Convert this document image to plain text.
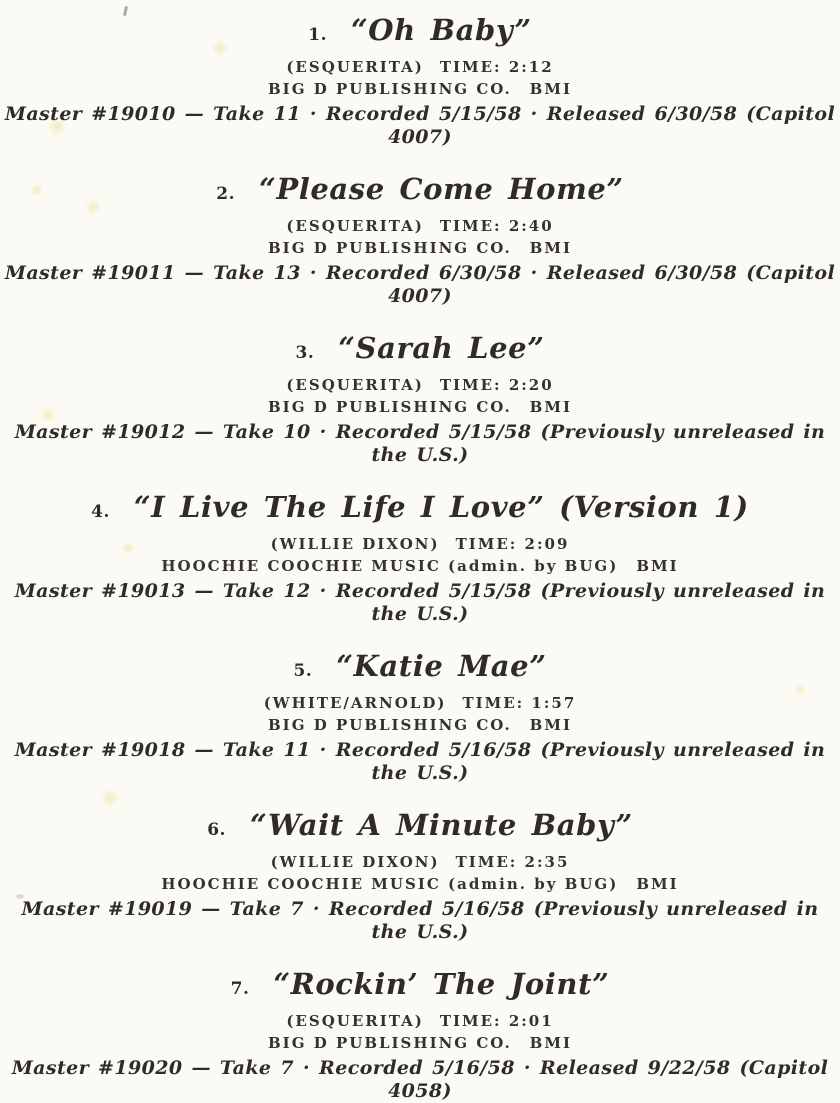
1. “Oh Baby”
(ESQUERITA) TIME: 2:12
BIG D PUBLISHING CO. BMI
Master #19010 — Take 11 · Recorded 5/15/58 · Released 6/30/58 (Capitol 4007)
2. “Please Come Home”
(ESQUERITA) TIME: 2:40
BIG D PUBLISHING CO. BMI
Master #19011 — Take 13 · Recorded 6/30/58 · Released 6/30/58 (Capitol 4007)
3. “Sarah Lee”
(ESQUERITA) TIME: 2:20
BIG D PUBLISHING CO. BMI
Master #19012 — Take 10 · Recorded 5/15/58 (Previously unreleased in the U.S.)
4. “I Live The Life I Love” (Version 1)
(WILLIE DIXON) TIME: 2:09
HOOCHIE COOCHIE MUSIC (admin. by BUG) BMI
Master #19013 — Take 12 · Recorded 5/15/58 (Previously unreleased in the U.S.)
5. “Katie Mae”
(WHITE/ARNOLD) TIME: 1:57
BIG D PUBLISHING CO. BMI
Master #19018 — Take 11 · Recorded 5/16/58 (Previously unreleased in the U.S.)
6. “Wait A Minute Baby”
(WILLIE DIXON) TIME: 2:35
HOOCHIE COOCHIE MUSIC (admin. by BUG) BMI
Master #19019 — Take 7 · Recorded 5/16/58 (Previously unreleased in the U.S.)
7. “Rockin’ The Joint”
(ESQUERITA) TIME: 2:01
BIG D PUBLISHING CO. BMI
Master #19020 — Take 7 · Recorded 5/16/58 · Released 9/22/58 (Capitol 4058)
